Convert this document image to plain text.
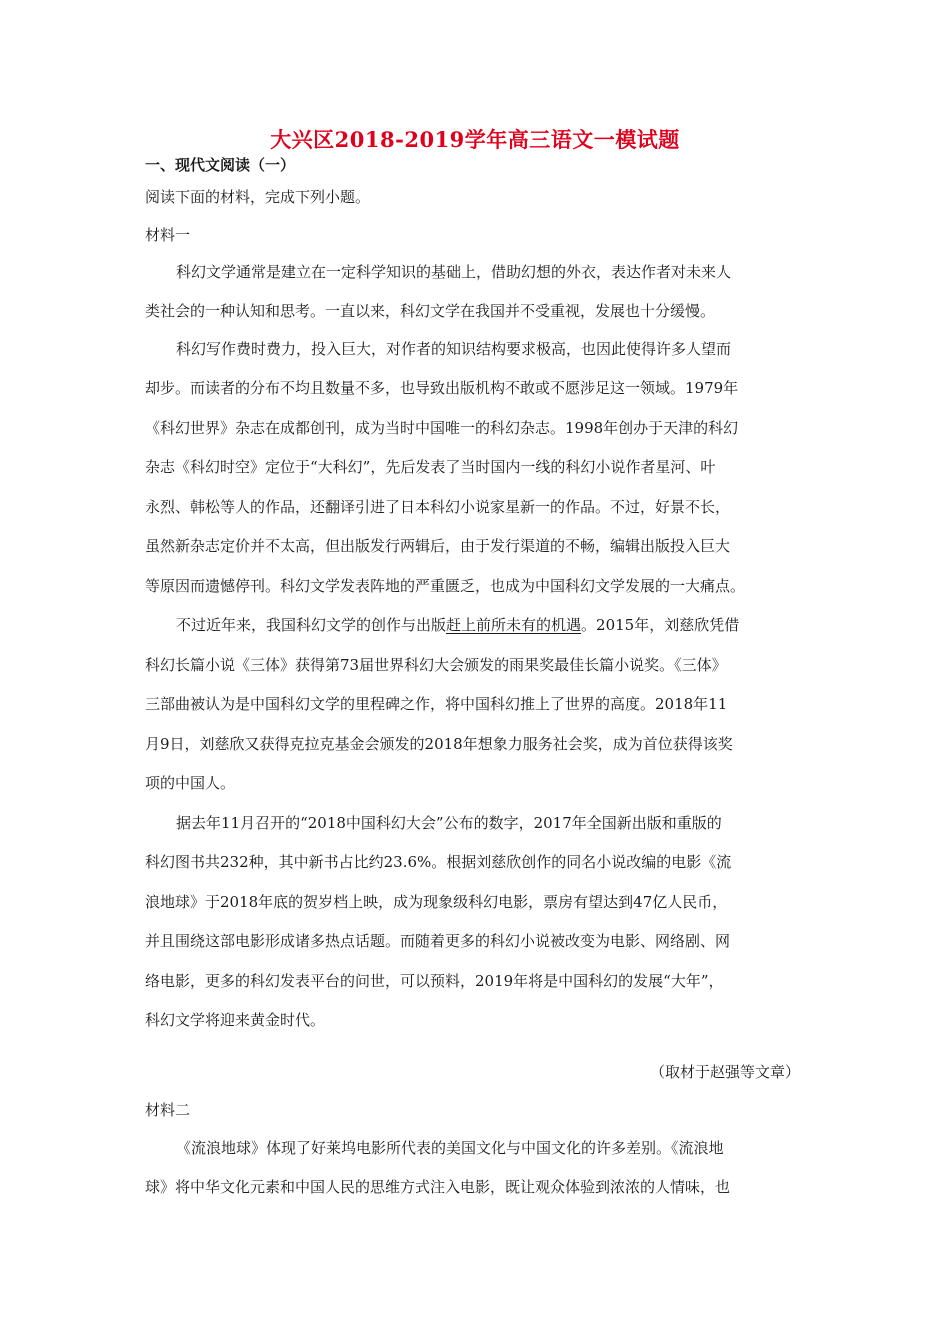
大兴区2018-2019学年高三语文一模试题
一、现代文阅读（一）
阅读下面的材料，完成下列小题。
材料一
科幻文学通常是建立在一定科学知识的基础上，借助幻想的外衣，表达作者对未来人
类社会的一种认知和思考。一直以来，科幻文学在我国并不受重视，发展也十分缓慢。
科幻写作费时费力，投入巨大，对作者的知识结构要求极高，也因此使得许多人望而
却步。而读者的分布不均且数量不多，也导致出版机构不敢或不愿涉足这一领域。1979年
《科幻世界》杂志在成都创刊，成为当时中国唯一的科幻杂志。1998年创办于天津的科幻
杂志《科幻时空》定位于“大科幻”，先后发表了当时国内一线的科幻小说作者星河、叶
永烈、韩松等人的作品，还翻译引进了日本科幻小说家星新一的作品。不过，好景不长，
虽然新杂志定价并不太高，但出版发行两辑后，由于发行渠道的不畅，编辑出版投入巨大
等原因而遗憾停刊。科幻文学发表阵地的严重匮乏，也成为中国科幻文学发展的一大痛点。
不过近年来，我国科幻文学的创作与出版赶上前所未有的机遇。2015年，刘慈欣凭借
科幻长篇小说《三体》获得第73届世界科幻大会颁发的雨果奖最佳长篇小说奖。《三体》
三部曲被认为是中国科幻文学的里程碑之作，将中国科幻推上了世界的高度。2018年11
月9日，刘慈欣又获得克拉克基金会颁发的2018年想象力服务社会奖，成为首位获得该奖
项的中国人。
据去年11月召开的“2018中国科幻大会”公布的数字，2017年全国新出版和重版的
科幻图书共232种，其中新书占比约23.6%。根据刘慈欣创作的同名小说改编的电影《流
浪地球》于2018年底的贺岁档上映，成为现象级科幻电影，票房有望达到47亿人民币，
并且围绕这部电影形成诸多热点话题。而随着更多的科幻小说被改变为电影、网络剧、网
络电影，更多的科幻发表平台的问世，可以预料，2019年将是中国科幻的发展“大年”，
科幻文学将迎来黄金时代。
（取材于赵强等文章）
材料二
《流浪地球》体现了好莱坞电影所代表的美国文化与中国文化的许多差别。《流浪地
球》将中华文化元素和中国人民的思维方式注入电影，既让观众体验到浓浓的人情味，也
